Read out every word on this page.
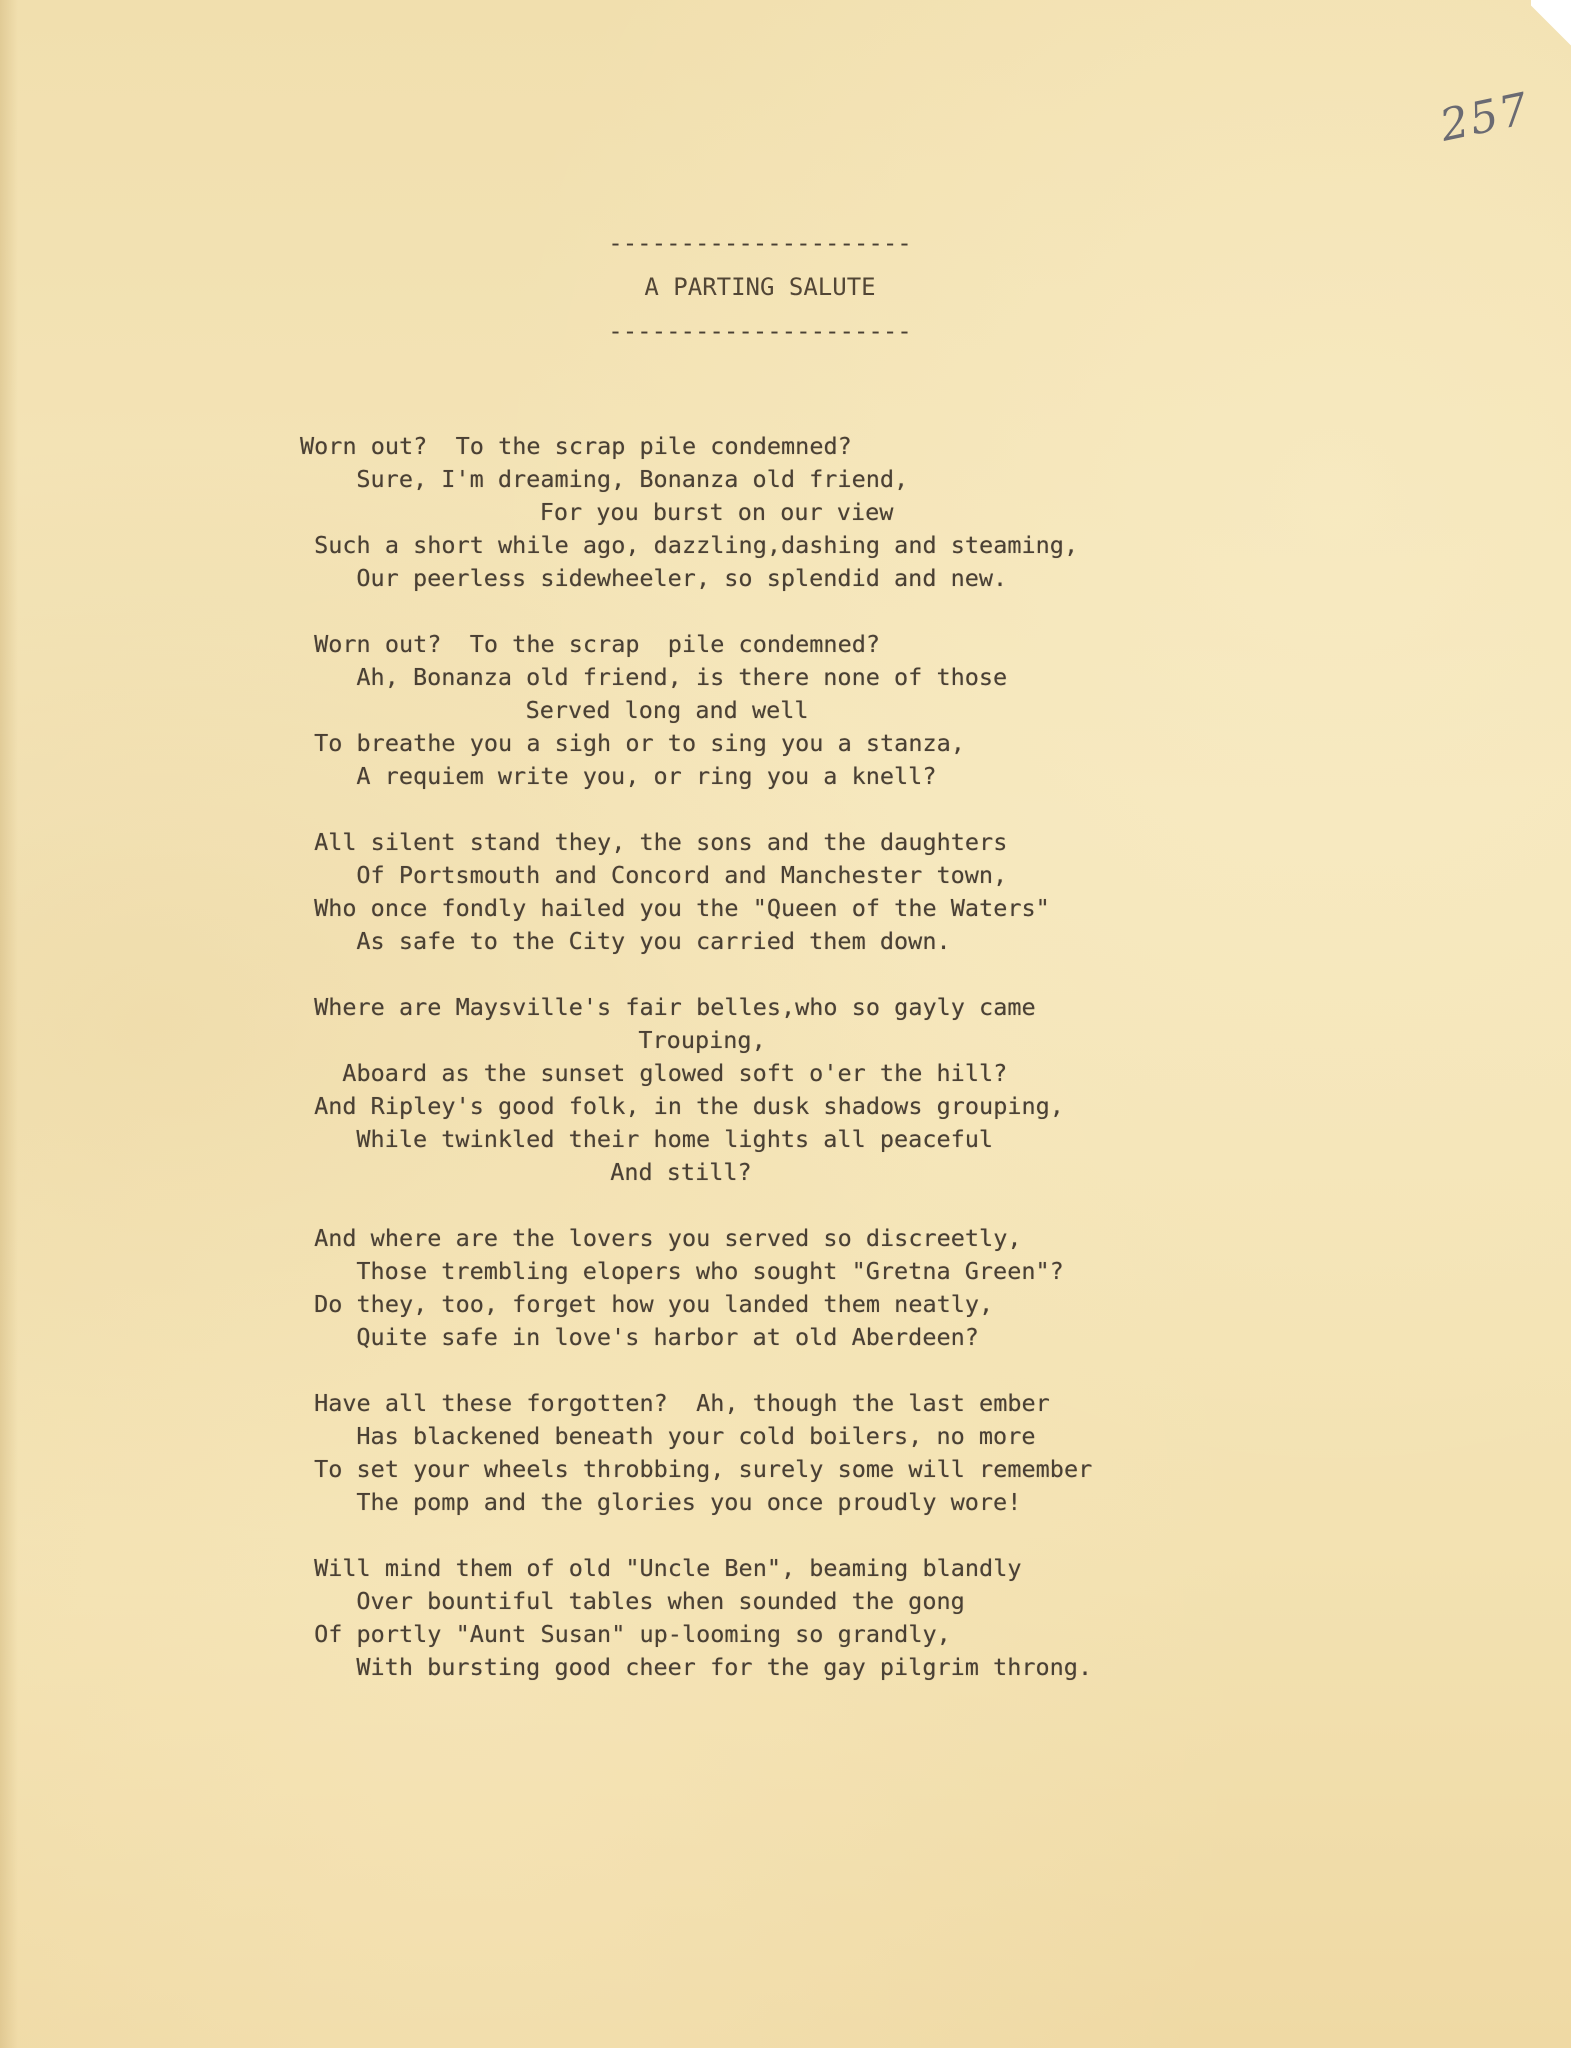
257
---------------------
A PARTING SALUTE
---------------------
Worn out?  To the scrap pile condemned?
Sure, I'm dreaming, Bonanza old friend,
For you burst on our view
Such a short while ago, dazzling,dashing and steaming,
Our peerless sidewheeler, so splendid and new.
Worn out?  To the scrap  pile condemned?
Ah, Bonanza old friend, is there none of those
Served long and well
To breathe you a sigh or to sing you a stanza,
A requiem write you, or ring you a knell?
All silent stand they, the sons and the daughters
Of Portsmouth and Concord and Manchester town,
Who once fondly hailed you the "Queen of the Waters"
As safe to the City you carried them down.
Where are Maysville's fair belles,who so gayly came
Trouping,
Aboard as the sunset glowed soft o'er the hill?
And Ripley's good folk, in the dusk shadows grouping,
While twinkled their home lights all peaceful
And still?
And where are the lovers you served so discreetly,
Those trembling elopers who sought "Gretna Green"?
Do they, too, forget how you landed them neatly,
Quite safe in love's harbor at old Aberdeen?
Have all these forgotten?  Ah, though the last ember
Has blackened beneath your cold boilers, no more
To set your wheels throbbing, surely some will remember
The pomp and the glories you once proudly wore!
Will mind them of old "Uncle Ben", beaming blandly
Over bountiful tables when sounded the gong
Of portly "Aunt Susan" up-looming so grandly,
With bursting good cheer for the gay pilgrim throng.
